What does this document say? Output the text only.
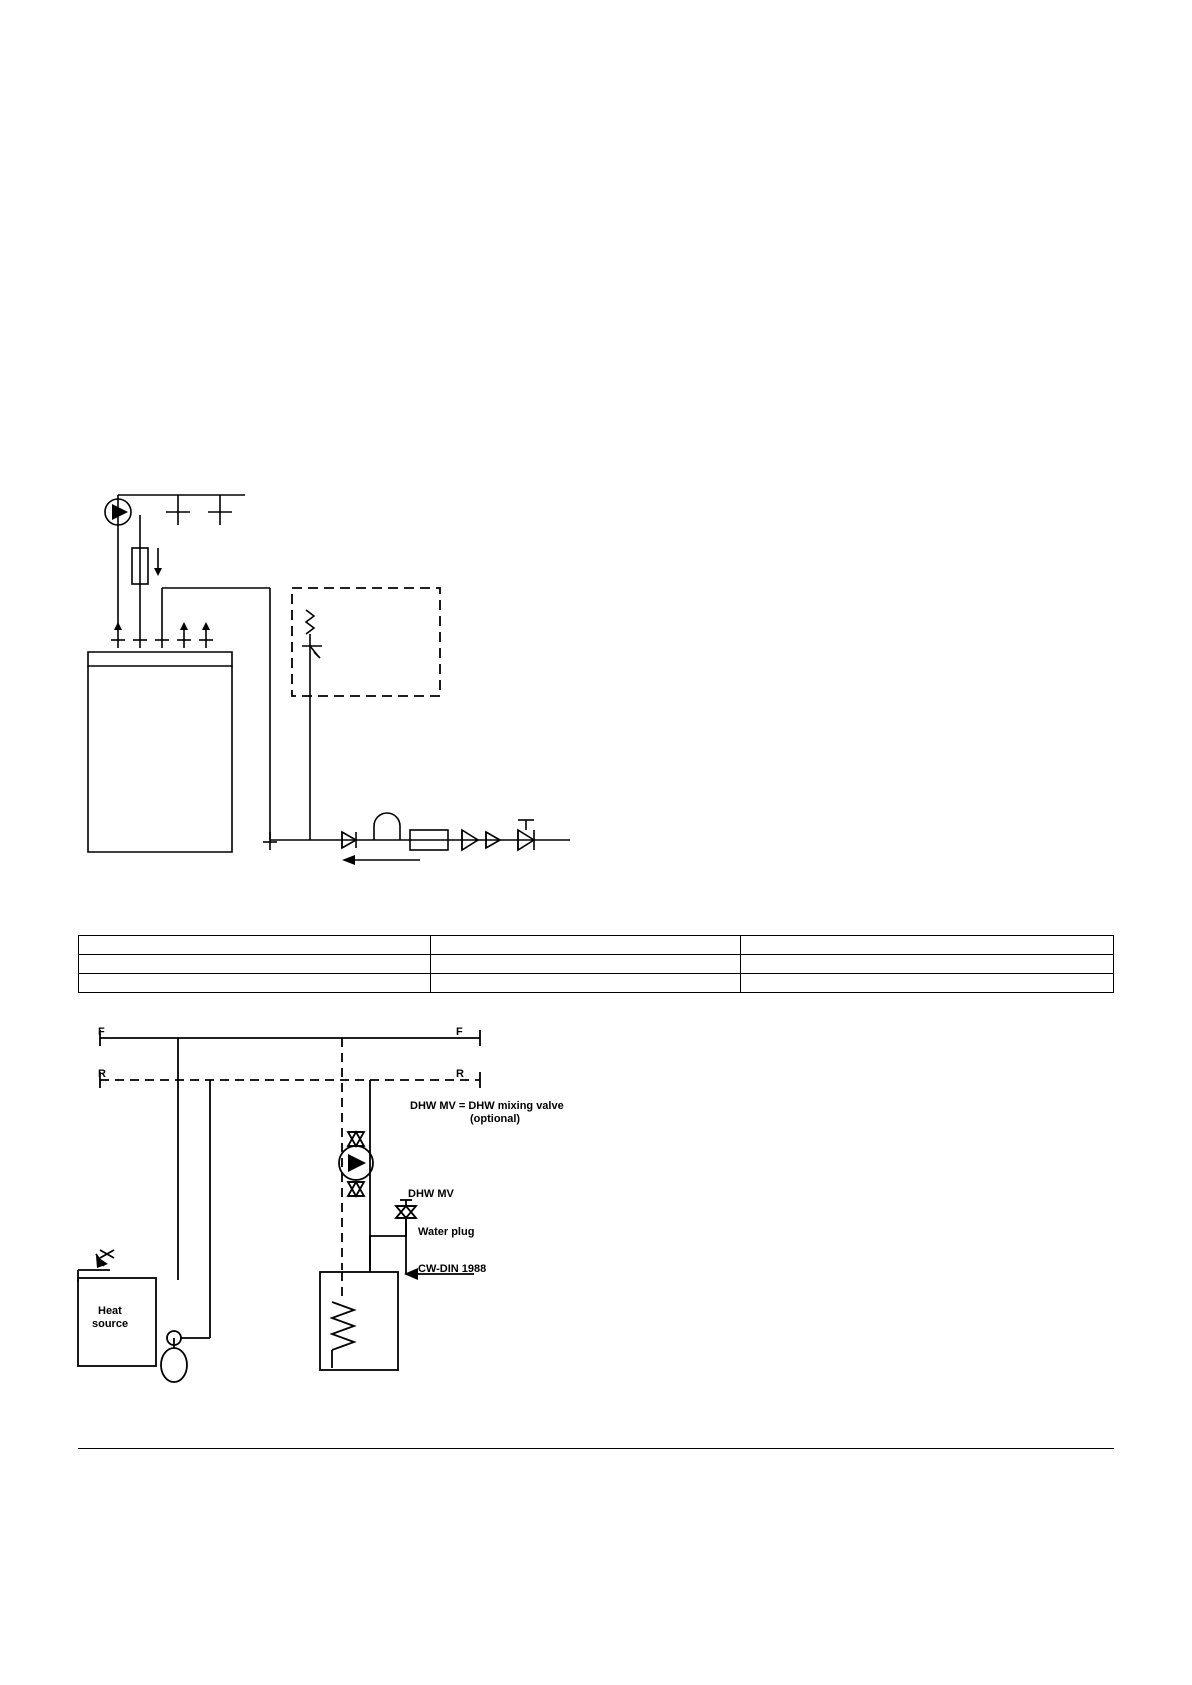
F
R
F
R
DHW MV = DHW mixing valve
(optional)
DHW MV
Water plug
CW-DIN 1988
Heat
source
